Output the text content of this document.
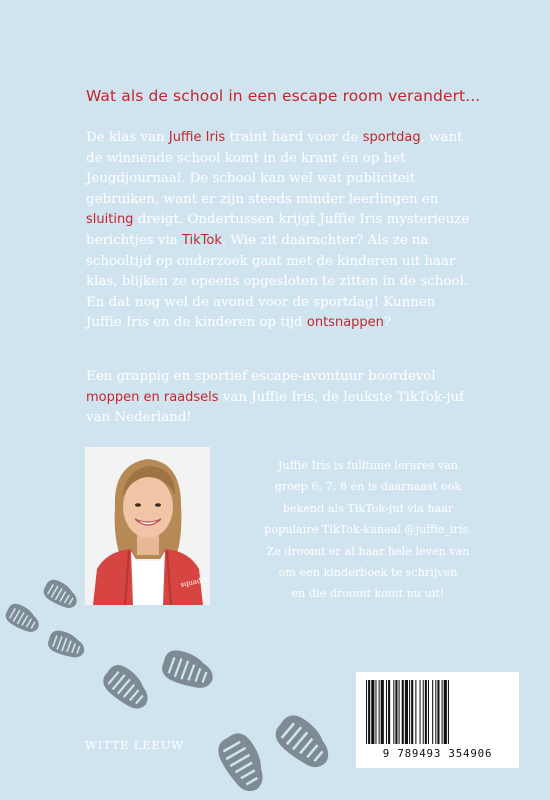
Wat als de school in een escape room verandert...
De klas van Juffie Iris traint hard voor de sportdag, want de winnende school komt in de krant én op het Jeugdjournaal. De school kan wel wat publiciteit gebruiken, want er zijn steeds minder leerlingen en sluiting dreigt. Ondertussen krijgt Juffie Iris mysterieuze berichtjes via TikTok. Wie zit daarachter? Als ze na schooltijd op onderzoek gaat met de kinderen uit haar klas, blijken ze opeens opgesloten te zitten in de school. En dat nog wel de avond voor de sportdag! Kunnen Juffie Iris en de kinderen op tijd ontsnappen?
Een grappig en sportief escape-avontuur boordevol moppen en raadsels van Juffie Iris, de leukste TikTok-juf van Nederland!
squadre
Juffie Iris is fulltime lerares van
groep 6, 7, 8 én is daarnaast ook
bekend als TikTok-juf via haar
populaire TikTok-kanaal @juffie_iris.
Ze droomt er al haar hele leven van
om een kinderboek te schrijven
en die droomt komt nu uit!
WITTE LEEUW
9 789493 354906
